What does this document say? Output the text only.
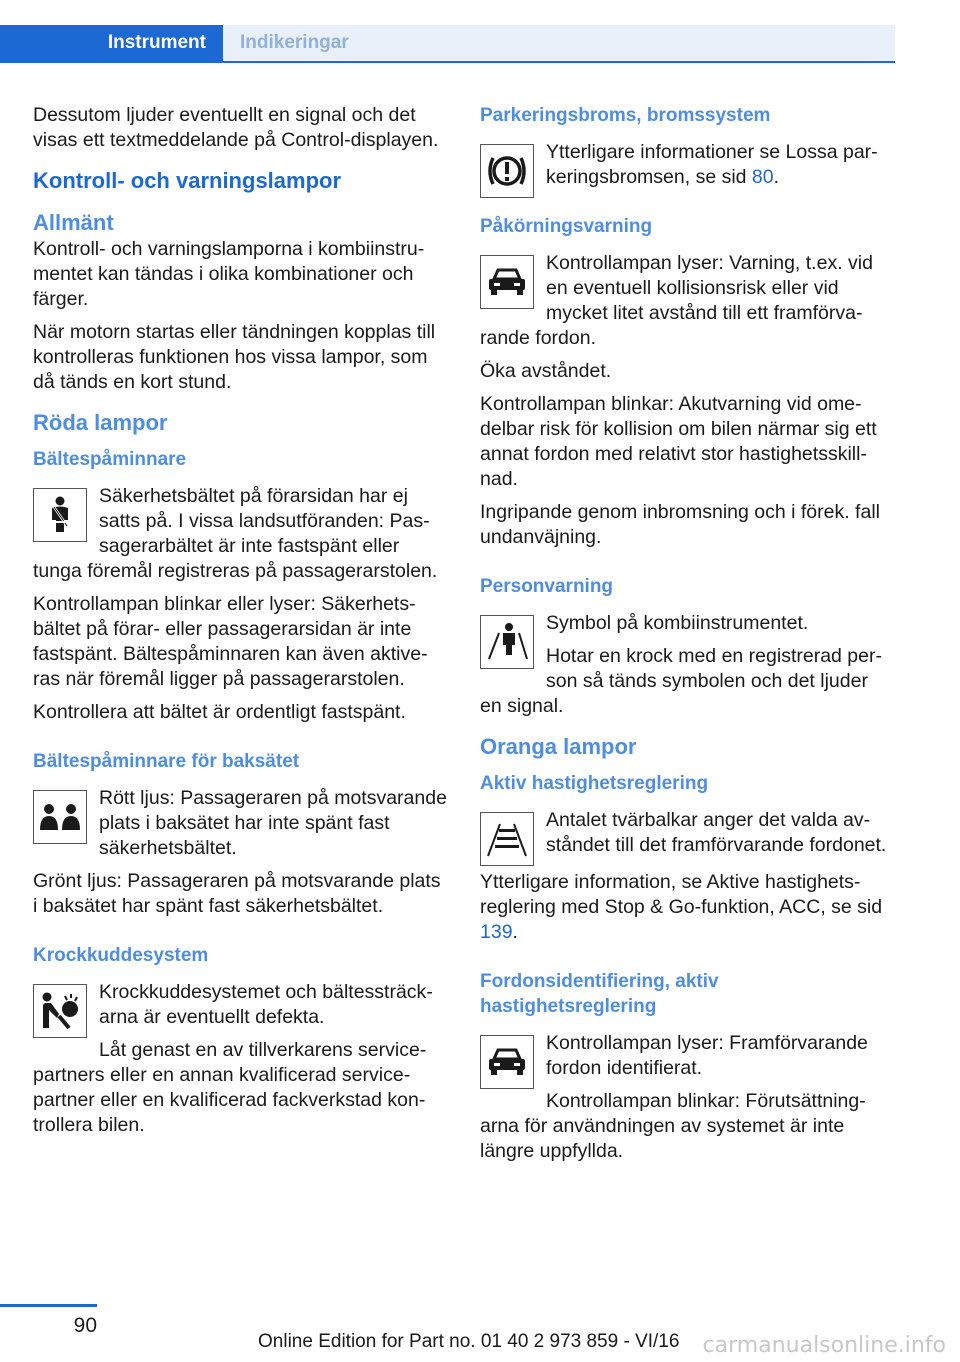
Instrument	Indikeringar

Dessutom ljuder eventuellt en signal och det visas ett textmeddelande på Control-displayen.

Kontroll- och varningslampor
Allmänt

Kontroll- och varningslamporna i kombiinstrumentet kan tändas i olika kombinationer och färger.

När motorn startas eller tändningen kopplas till kontrolleras funktionen hos vissa lampor, som då tänds en kort stund.

Röda lampor
Bältespåminnare

Säkerhetsbältet på förarsidan har ej satts på. I vissa landsutföranden: Passagerarbältet är inte fastspänt eller tunga föremål registreras på passagerarstolen.

Kontrollampan blinkar eller lyser: Säkerhetsbältet på förar- eller passagerarsidan är inte fastspänt. Bältespåminnaren kan även aktiveras när föremål ligger på passagerarstolen.

Kontrollera att bältet är ordentligt fastspänt.

Bältespåminnare för baksätet

Rött ljus: Passageraren på motsvarande plats i baksätet har inte spänt fast säkerhetsbältet.

Grönt ljus: Passageraren på motsvarande plats i baksätet har spänt fast säkerhetsbältet.

Krockkuddesystem

Krockkuddesystemet och bältessträckarna är eventuellt defekta.

Låt genast en av tillverkarens servicepartners eller en annan kvalificerad servicepartner eller en kvalificerad fackverkstad kontrollera bilen.

Parkeringsbroms, bromssystem

Ytterligare informationer se Lossa parkeringsbromsen, se sid 80.

Påkörningsvarning

Kontrollampan lyser: Varning, t.ex. vid en eventuell kollisionsrisk eller vid mycket litet avstånd till ett framförvarande fordon.

Öka avståndet.

Kontrollampan blinkar: Akutvarning vid omedelbar risk för kollision om bilen närmar sig ett annat fordon med relativt stor hastighetsskillnad.

Ingripande genom inbromsning och i förek. fall undanväjning.

Personvarning

Symbol på kombiinstrumentet.

Hotar en krock med en registrerad person så tänds symbolen och det ljuder en signal.

Oranga lampor
Aktiv hastighetsreglering

Antalet tvärbalkar anger det valda avståndet till det framförvarande fordonet.

Ytterligare information, se Aktive hastighetsreglering med Stop & Go-funktion, ACC, se sid 139.

Fordonsidentifiering, aktiv hastighetsreglering

Kontrollampan lyser: Framförvarande fordon identifierat.

Kontrollampan blinkar: Förutsättningarna för användningen av systemet är inte längre uppfyllda.

90
Online Edition for Part no. 01 40 2 973 859 - VI/16 carmanualsonline.info
